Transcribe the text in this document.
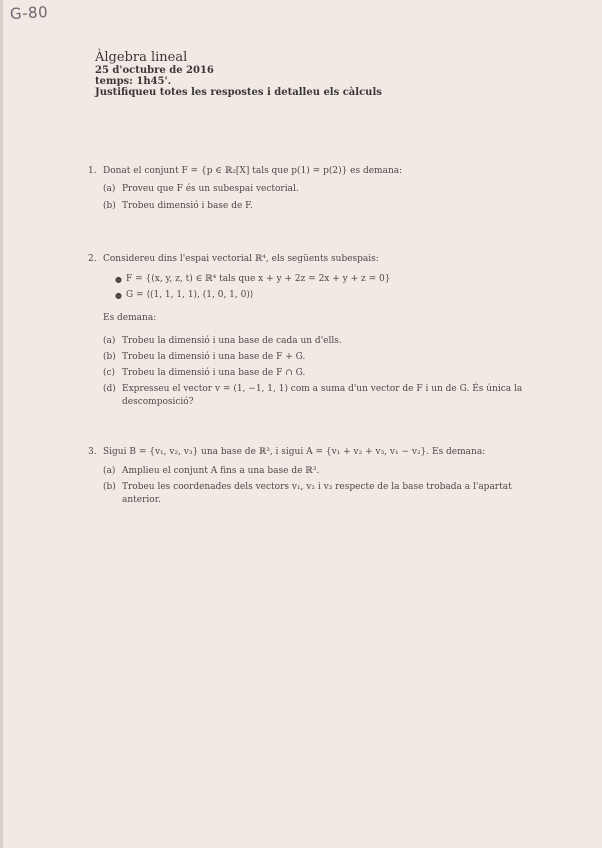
G-80
Àlgebra lineal
25 d'octubre de 2016
temps: 1h45'.
Justifiqueu totes les respostes i detalleu els càlculs
1. Donat el conjunt F = {p ∈ ℝ₂[X] tals que p(1) = p(2)} es demana:
(a) Proveu que F és un subespai vectorial.
(b) Trobeu dimensió i base de F.
2. Considereu dins l'espai vectorial ℝ⁴, els següents subespais:
● F = {(x, y, z, t) ∈ ℝ⁴ tals que x + y + 2z = 2x + y + z = 0}
● G = ⟨(1, 1, 1, 1), (1, 0, 1, 0)⟩
Es demana:
(a) Trobeu la dimensió i una base de cada un d'ells.
(b) Trobeu la dimensió i una base de F + G.
(c) Trobeu la dimensió i una base de F ∩ G.
(d) Expresseu el vector v = (1, −1, 1, 1) com a suma d'un vector de F i un de G. És única la descomposició?
3. Sigui B = {v₁, v₂, v₃} una base de ℝ³, i sigui A = {v₁ + v₂ + v₃, v₁ − v₂}. Es demana:
(a) Amplieu el conjunt A fins a una base de ℝ³.
(b) Trobeu les coordenades dels vectors v₁, v₂ i v₃ respecte de la base trobada a l'apartat anterior.
